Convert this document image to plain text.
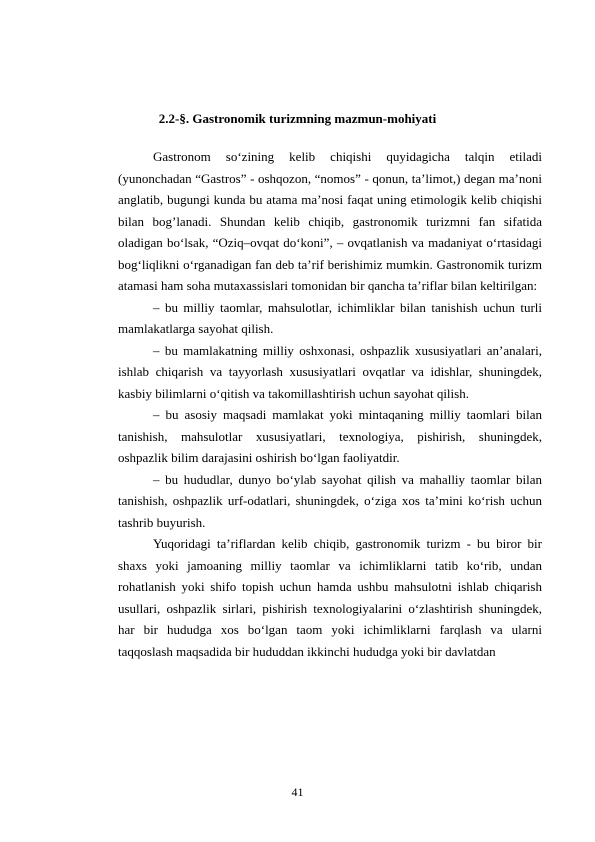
2.2-§. Gastronomik turizmning mazmun-mohiyati

Gastronom so‘zining kelib chiqishi quyidagicha talqin etiladi (yunonchadan “Gastros” - oshqozon, “nomos” - qonun, ta’limot,) degan ma’noni anglatib, bugungi kunda bu atama ma’nosi faqat uning etimologik kelib chiqishi bilan bog’lanadi. Shundan kelib chiqib, gastronomik turizmni fan sifatida oladigan bo‘lsak, “Oziq–ovqat do‘koni”, – ovqatlanish va madaniyat o‘rtasidagi bog‘liqlikni o‘rganadigan fan deb ta’rif berishimiz mumkin. Gastronomik turizm atamasi ham soha mutaxassislari tomonidan bir qancha ta’riflar bilan keltirilgan:

– bu milliy taomlar, mahsulotlar, ichimliklar bilan tanishish uchun turli mamlakatlarga sayohat qilish.

– bu mamlakatning milliy oshxonasi, oshpazlik xususiyatlari an’analari, ishlab chiqarish va tayyorlash xususiyatlari ovqatlar va idishlar, shuningdek, kasbiy bilimlarni o‘qitish va takomillashtirish uchun sayohat qilish.

– bu asosiy maqsadi mamlakat yoki mintaqaning milliy taomlari bilan tanishish, mahsulotlar xususiyatlari, texnologiya, pishirish, shuningdek, oshpazlik bilim darajasini oshirish bo‘lgan faoliyatdir.

– bu hududlar, dunyo bo‘ylab sayohat qilish va mahalliy taomlar bilan tanishish, oshpazlik urf-odatlari, shuningdek, o‘ziga xos ta’mini ko‘rish uchun tashrib buyurish.

Yuqoridagi ta’riflardan kelib chiqib, gastronomik turizm - bu biror bir shaxs yoki jamoaning milliy taomlar va ichimliklarni tatib ko‘rib, undan rohatlanish yoki shifo topish uchun hamda ushbu mahsulotni ishlab chiqarish usullari, oshpazlik sirlari, pishirish texnologiyalarini o‘zlashtirish shuningdek, har bir hududga xos bo‘lgan taom yoki ichimliklarni farqlash va ularni taqqoslash maqsadida bir hududdan ikkinchi hududga yoki bir davlatdan

41
